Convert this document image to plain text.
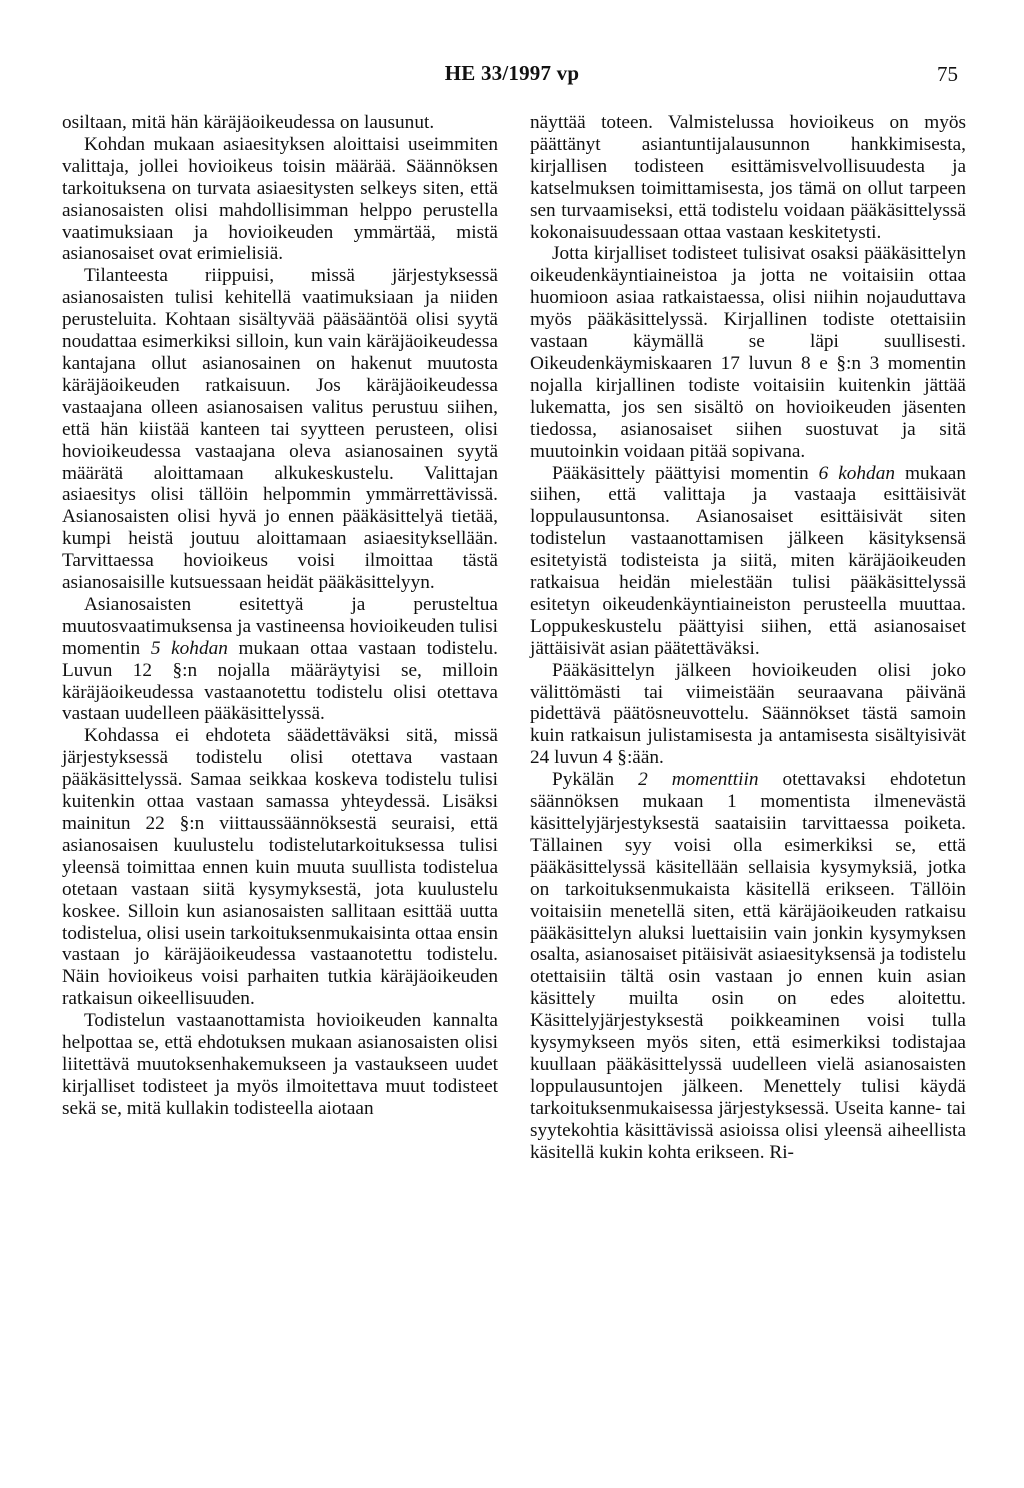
HE 33/1997 vp	75

osiltaan, mitä hän käräjäoikeudessa on lausunut.

Kohdan mukaan asiaesityksen aloittaisi useimmiten valittaja, jollei hovioikeus toisin määrää. Säännöksen tarkoituksena on turvata asiaesitysten selkeys siten, että asianosaisten olisi mahdollisimman helppo perustella vaatimuksiaan ja hovioikeuden ymmärtää, mistä asianosaiset ovat erimielisiä.

Tilanteesta riippuisi, missä järjestyksessä asianosaisten tulisi kehitellä vaatimuksiaan ja niiden perusteluita. Kohtaan sisältyvää pääsääntöä olisi syytä noudattaa esimerkiksi silloin, kun vain käräjäoikeudessa kantajana ollut asianosainen on hakenut muutosta käräjäoikeuden ratkaisuun. Jos käräjäoikeudessa vastaajana olleen asianosaisen valitus perustuu siihen, että hän kiistää kanteen tai syytteen perusteen, olisi hovioikeudessa vastaajana oleva asianosainen syytä määrätä aloittamaan alkukeskustelu. Valittajan asiaesitys olisi tällöin helpommin ymmärrettävissä. Asianosaisten olisi hyvä jo ennen pääkäsittelyä tietää, kumpi heistä joutuu aloittamaan asiaesityksellään. Tarvittaessa hovioikeus voisi ilmoittaa tästä asianosaisille kutsuessaan heidät pääkäsittelyyn.

Asianosaisten esitettyä ja perusteltua muutosvaatimuksensa ja vastineensa hovioikeuden tulisi momentin 5 kohdan mukaan ottaa vastaan todistelu. Luvun 12 §:n nojalla määräytyisi se, milloin käräjäoikeudessa vastaanotettu todistelu olisi otettava vastaan uudelleen pääkäsittelyssä.

Kohdassa ei ehdoteta säädettäväksi sitä, missä järjestyksessä todistelu olisi otettava vastaan pääkäsittelyssä. Samaa seikkaa koskeva todistelu tulisi kuitenkin ottaa vastaan samassa yhteydessä. Lisäksi mainitun 22 §:n viittaussäännöksestä seuraisi, että asianosaisen kuulustelu todistelutarkoituksessa tulisi yleensä toimittaa ennen kuin muuta suullista todistelua otetaan vastaan siitä kysymyksestä, jota kuulustelu koskee. Silloin kun asianosaisten sallitaan esittää uutta todistelua, olisi usein tarkoituksenmukaisinta ottaa ensin vastaan jo käräjäoikeudessa vastaanotettu todistelu. Näin hovioikeus voisi parhaiten tutkia käräjäoikeuden ratkaisun oikeellisuuden.

Todistelun vastaanottamista hovioikeuden kannalta helpottaa se, että ehdotuksen mukaan asianosaisten olisi liitettävä muutoksenhakemukseen ja vastaukseen uudet kirjalliset todisteet ja myös ilmoitettava muut todisteet sekä se, mitä kullakin todisteella aiotaan

näyttää toteen. Valmistelussa hovioikeus on myös päättänyt asiantuntijalausunnon hankkimisesta, kirjallisen todisteen esittämisvelvollisuudesta ja katselmuksen toimittamisesta, jos tämä on ollut tarpeen sen turvaamiseksi, että todistelu voidaan pääkäsittelyssä kokonaisuudessaan ottaa vastaan keskitetysti.

Jotta kirjalliset todisteet tulisivat osaksi pääkäsittelyn oikeudenkäyntiaineistoa ja jotta ne voitaisiin ottaa huomioon asiaa ratkaistaessa, olisi niihin nojauduttava myös pääkäsittelyssä. Kirjallinen todiste otettaisiin vastaan käymällä se läpi suullisesti. Oikeudenkäymiskaaren 17 luvun 8 e §:n 3 momentin nojalla kirjallinen todiste voitaisiin kuitenkin jättää lukematta, jos sen sisältö on hovioikeuden jäsenten tiedossa, asianosaiset siihen suostuvat ja sitä muutoinkin voidaan pitää sopivana.

Pääkäsittely päättyisi momentin 6 kohdan mukaan siihen, että valittaja ja vastaaja esittäisivät loppulausuntonsa. Asianosaiset esittäisivät siten todistelun vastaanottamisen jälkeen käsityksensä esitetyistä todisteista ja siitä, miten käräjäoikeuden ratkaisua heidän mielestään tulisi pääkäsittelyssä esitetyn oikeudenkäyntiaineiston perusteella muuttaa. Loppukeskustelu päättyisi siihen, että asianosaiset jättäisivät asian päätettäväksi.

Pääkäsittelyn jälkeen hovioikeuden olisi joko välittömästi tai viimeistään seuraavana päivänä pidettävä päätösneuvottelu. Säännökset tästä samoin kuin ratkaisun julistamisesta ja antamisesta sisältyisivät 24 luvun 4 §:ään.

Pykälän 2 momenttiin otettavaksi ehdotetun säännöksen mukaan 1 momentista ilmenevästä käsittelyjärjestyksestä saataisiin tarvittaessa poiketa. Tällainen syy voisi olla esimerkiksi se, että pääkäsittelyssä käsitellään sellaisia kysymyksiä, jotka on tarkoituksenmukaista käsitellä erikseen. Tällöin voitaisiin menetellä siten, että käräjäoikeuden ratkaisu pääkäsittelyn aluksi luettaisiin vain jonkin kysymyksen osalta, asianosaiset pitäisivät asiaesityksensä ja todistelu otettaisiin tältä osin vastaan jo ennen kuin asian käsittely muilta osin on edes aloitettu. Käsittelyjärjestyksestä poikkeaminen voisi tulla kysymykseen myös siten, että esimerkiksi todistajaa kuullaan pääkäsittelyssä uudelleen vielä asianosaisten loppulausuntojen jälkeen. Menettely tulisi käydä tarkoituksenmukaisessa järjestyksessä. Useita kanne- tai syytekohtia käsittävissä asioissa olisi yleensä aiheellista käsitellä kukin kohta erikseen. Ri-
